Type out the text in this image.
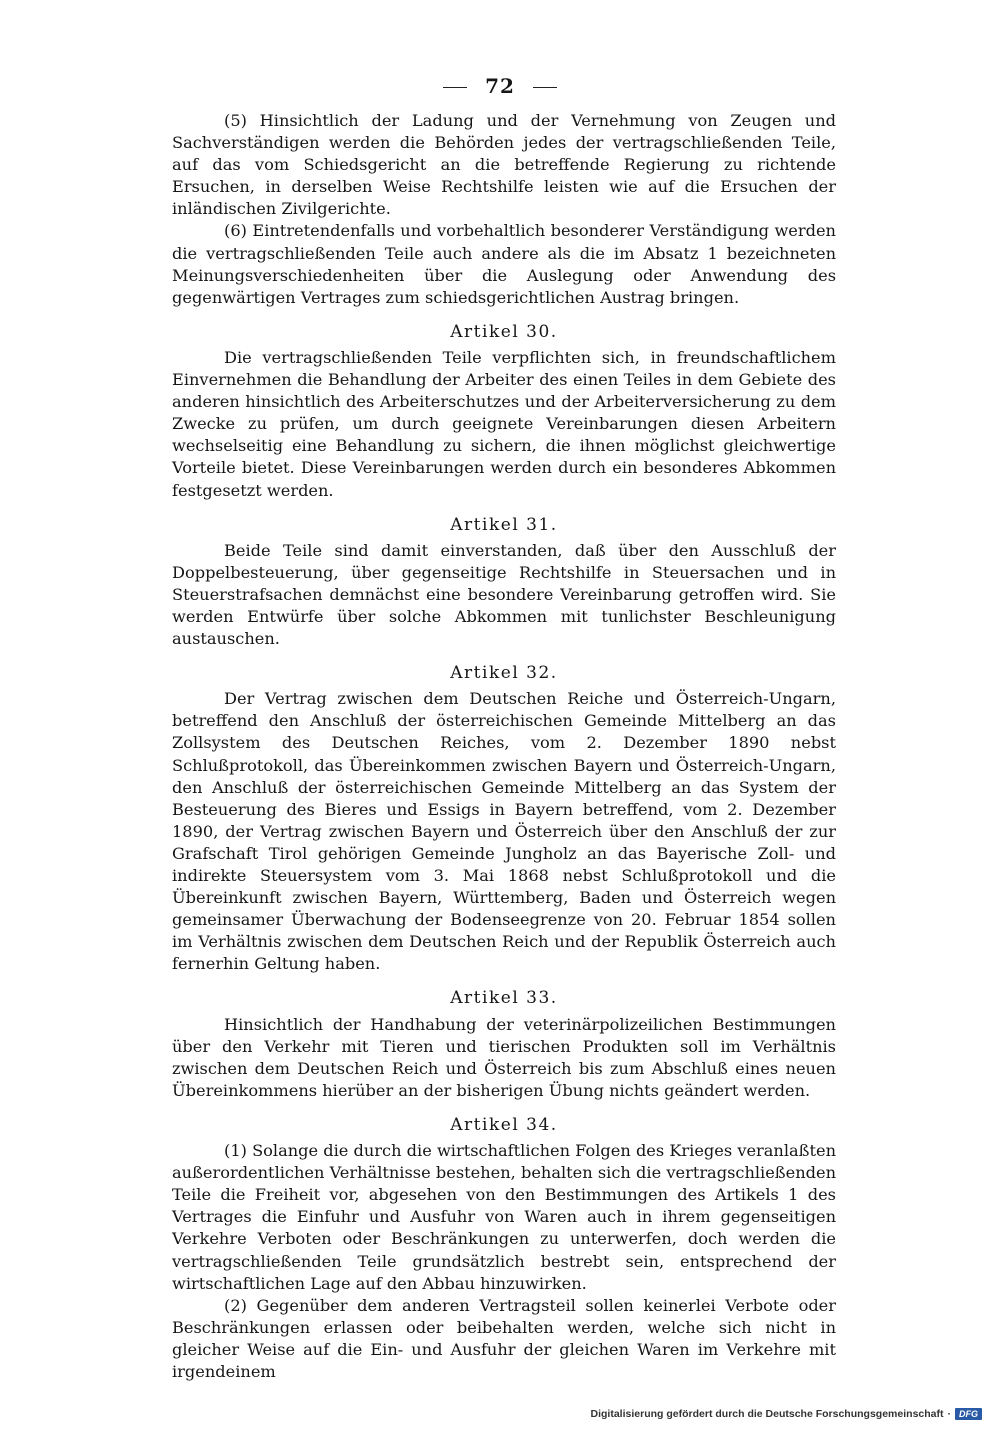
72

(5) Hinsichtlich der Ladung und der Vernehmung von Zeugen und Sachverständigen werden die Behörden jedes der vertragschließenden Teile, auf das vom Schiedsgericht an die betreffende Regierung zu richtende Ersuchen, in derselben Weise Rechtshilfe leisten wie auf die Ersuchen der inländischen Zivilgerichte.

(6) Eintretendenfalls und vorbehaltlich besonderer Verständigung werden die vertragschließenden Teile auch andere als die im Absatz 1 bezeichneten Meinungsverschiedenheiten über die Auslegung oder Anwendung des gegenwärtigen Vertrages zum schiedsgerichtlichen Austrag bringen.

Artikel 30.

Die vertragschließenden Teile verpflichten sich, in freundschaftlichem Einvernehmen die Behandlung der Arbeiter des einen Teiles in dem Gebiete des anderen hinsichtlich des Arbeiterschutzes und der Arbeiterversicherung zu dem Zwecke zu prüfen, um durch geeignete Vereinbarungen diesen Arbeitern wechselseitig eine Behandlung zu sichern, die ihnen möglichst gleichwertige Vorteile bietet. Diese Vereinbarungen werden durch ein besonderes Abkommen festgesetzt werden.

Artikel 31.

Beide Teile sind damit einverstanden, daß über den Ausschluß der Doppelbesteuerung, über gegenseitige Rechtshilfe in Steuersachen und in Steuerstrafsachen demnächst eine besondere Vereinbarung getroffen wird. Sie werden Entwürfe über solche Abkommen mit tunlichster Beschleunigung austauschen.

Artikel 32.

Der Vertrag zwischen dem Deutschen Reiche und Österreich-Ungarn, betreffend den Anschluß der österreichischen Gemeinde Mittelberg an das Zollsystem des Deutschen Reiches, vom 2. Dezember 1890 nebst Schlußprotokoll, das Übereinkommen zwischen Bayern und Österreich-Ungarn, den Anschluß der österreichischen Gemeinde Mittelberg an das System der Besteuerung des Bieres und Essigs in Bayern betreffend, vom 2. Dezember 1890, der Vertrag zwischen Bayern und Österreich über den Anschluß der zur Grafschaft Tirol gehörigen Gemeinde Jungholz an das Bayerische Zoll- und indirekte Steuersystem vom 3. Mai 1868 nebst Schlußprotokoll und die Übereinkunft zwischen Bayern, Württemberg, Baden und Österreich wegen gemeinsamer Überwachung der Bodenseegrenze von 20. Februar 1854 sollen im Verhältnis zwischen dem Deutschen Reich und der Republik Österreich auch fernerhin Geltung haben.

Artikel 33.

Hinsichtlich der Handhabung der veterinärpolizeilichen Bestimmungen über den Verkehr mit Tieren und tierischen Produkten soll im Verhältnis zwischen dem Deutschen Reich und Österreich bis zum Abschluß eines neuen Übereinkommens hierüber an der bisherigen Übung nichts geändert werden.

Artikel 34.

(1) Solange die durch die wirtschaftlichen Folgen des Krieges veranlaßten außerordentlichen Verhältnisse bestehen, behalten sich die vertragschließenden Teile die Freiheit vor, abgesehen von den Bestimmungen des Artikels 1 des Vertrages die Einfuhr und Ausfuhr von Waren auch in ihrem gegenseitigen Verkehre Verboten oder Beschränkungen zu unterwerfen, doch werden die vertragschließenden Teile grundsätzlich bestrebt sein, entsprechend der wirtschaftlichen Lage auf den Abbau hinzuwirken.

(2) Gegenüber dem anderen Vertragsteil sollen keinerlei Verbote oder Beschränkungen erlassen oder beibehalten werden, welche sich nicht in gleicher Weise auf die Ein- und Ausfuhr der gleichen Waren im Verkehre mit irgendeinem

Digitalisierung gefördert durch die Deutsche Forschungsgemeinschaft · DFG
